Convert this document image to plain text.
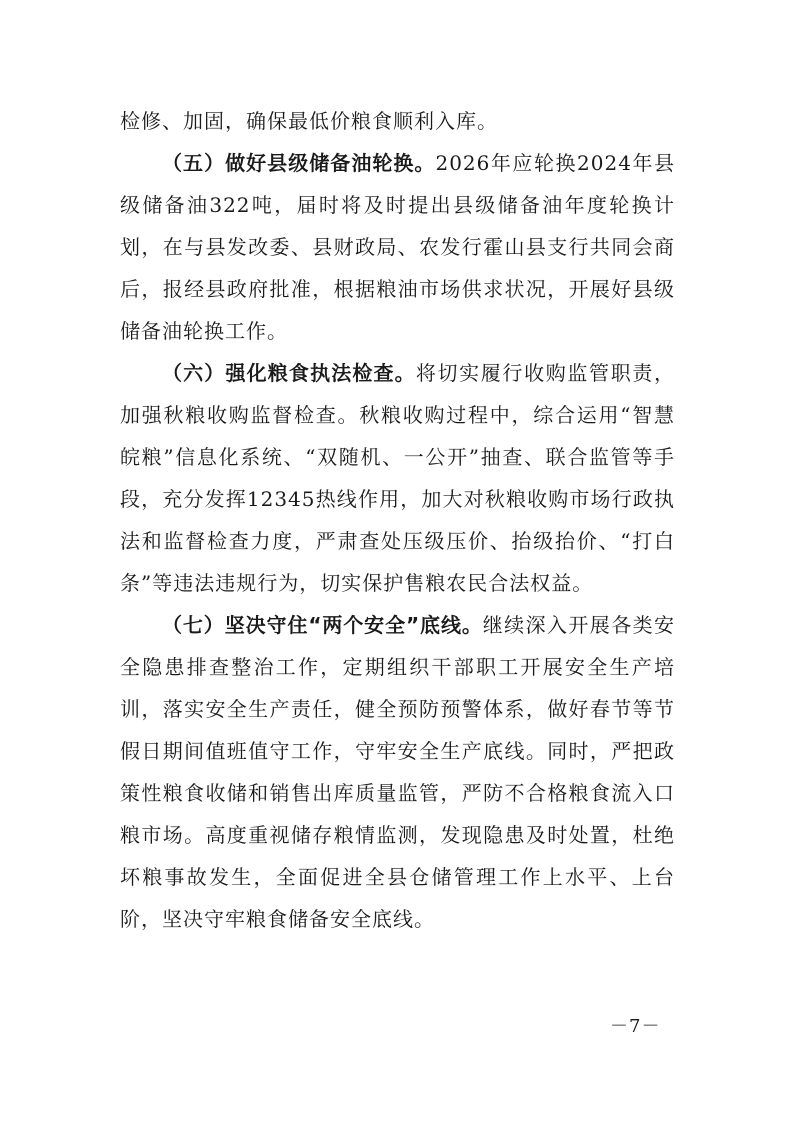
检修、加固，确保最低价粮食顺利入库。

（五）做好县级储备油轮换。2026年应轮换2024年县级储备油322吨，届时将及时提出县级储备油年度轮换计划，在与县发改委、县财政局、农发行霍山县支行共同会商后，报经县政府批准，根据粮油市场供求状况，开展好县级储备油轮换工作。

（六）强化粮食执法检查。将切实履行收购监管职责，加强秋粮收购监督检查。秋粮收购过程中，综合运用“智慧皖粮”信息化系统、“双随机、一公开”抽查、联合监管等手段，充分发挥12345热线作用，加大对秋粮收购市场行政执法和监督检查力度，严肃查处压级压价、抬级抬价、“打白条”等违法违规行为，切实保护售粮农民合法权益。

（七）坚决守住“两个安全”底线。继续深入开展各类安全隐患排查整治工作，定期组织干部职工开展安全生产培训，落实安全生产责任，健全预防预警体系，做好春节等节假日期间值班值守工作，守牢安全生产底线。同时，严把政策性粮食收储和销售出库质量监管，严防不合格粮食流入口粮市场。高度重视储存粮情监测，发现隐患及时处置，杜绝坏粮事故发生，全面促进全县仓储管理工作上水平、上台阶，坚决守牢粮食储备安全底线。

－7－
